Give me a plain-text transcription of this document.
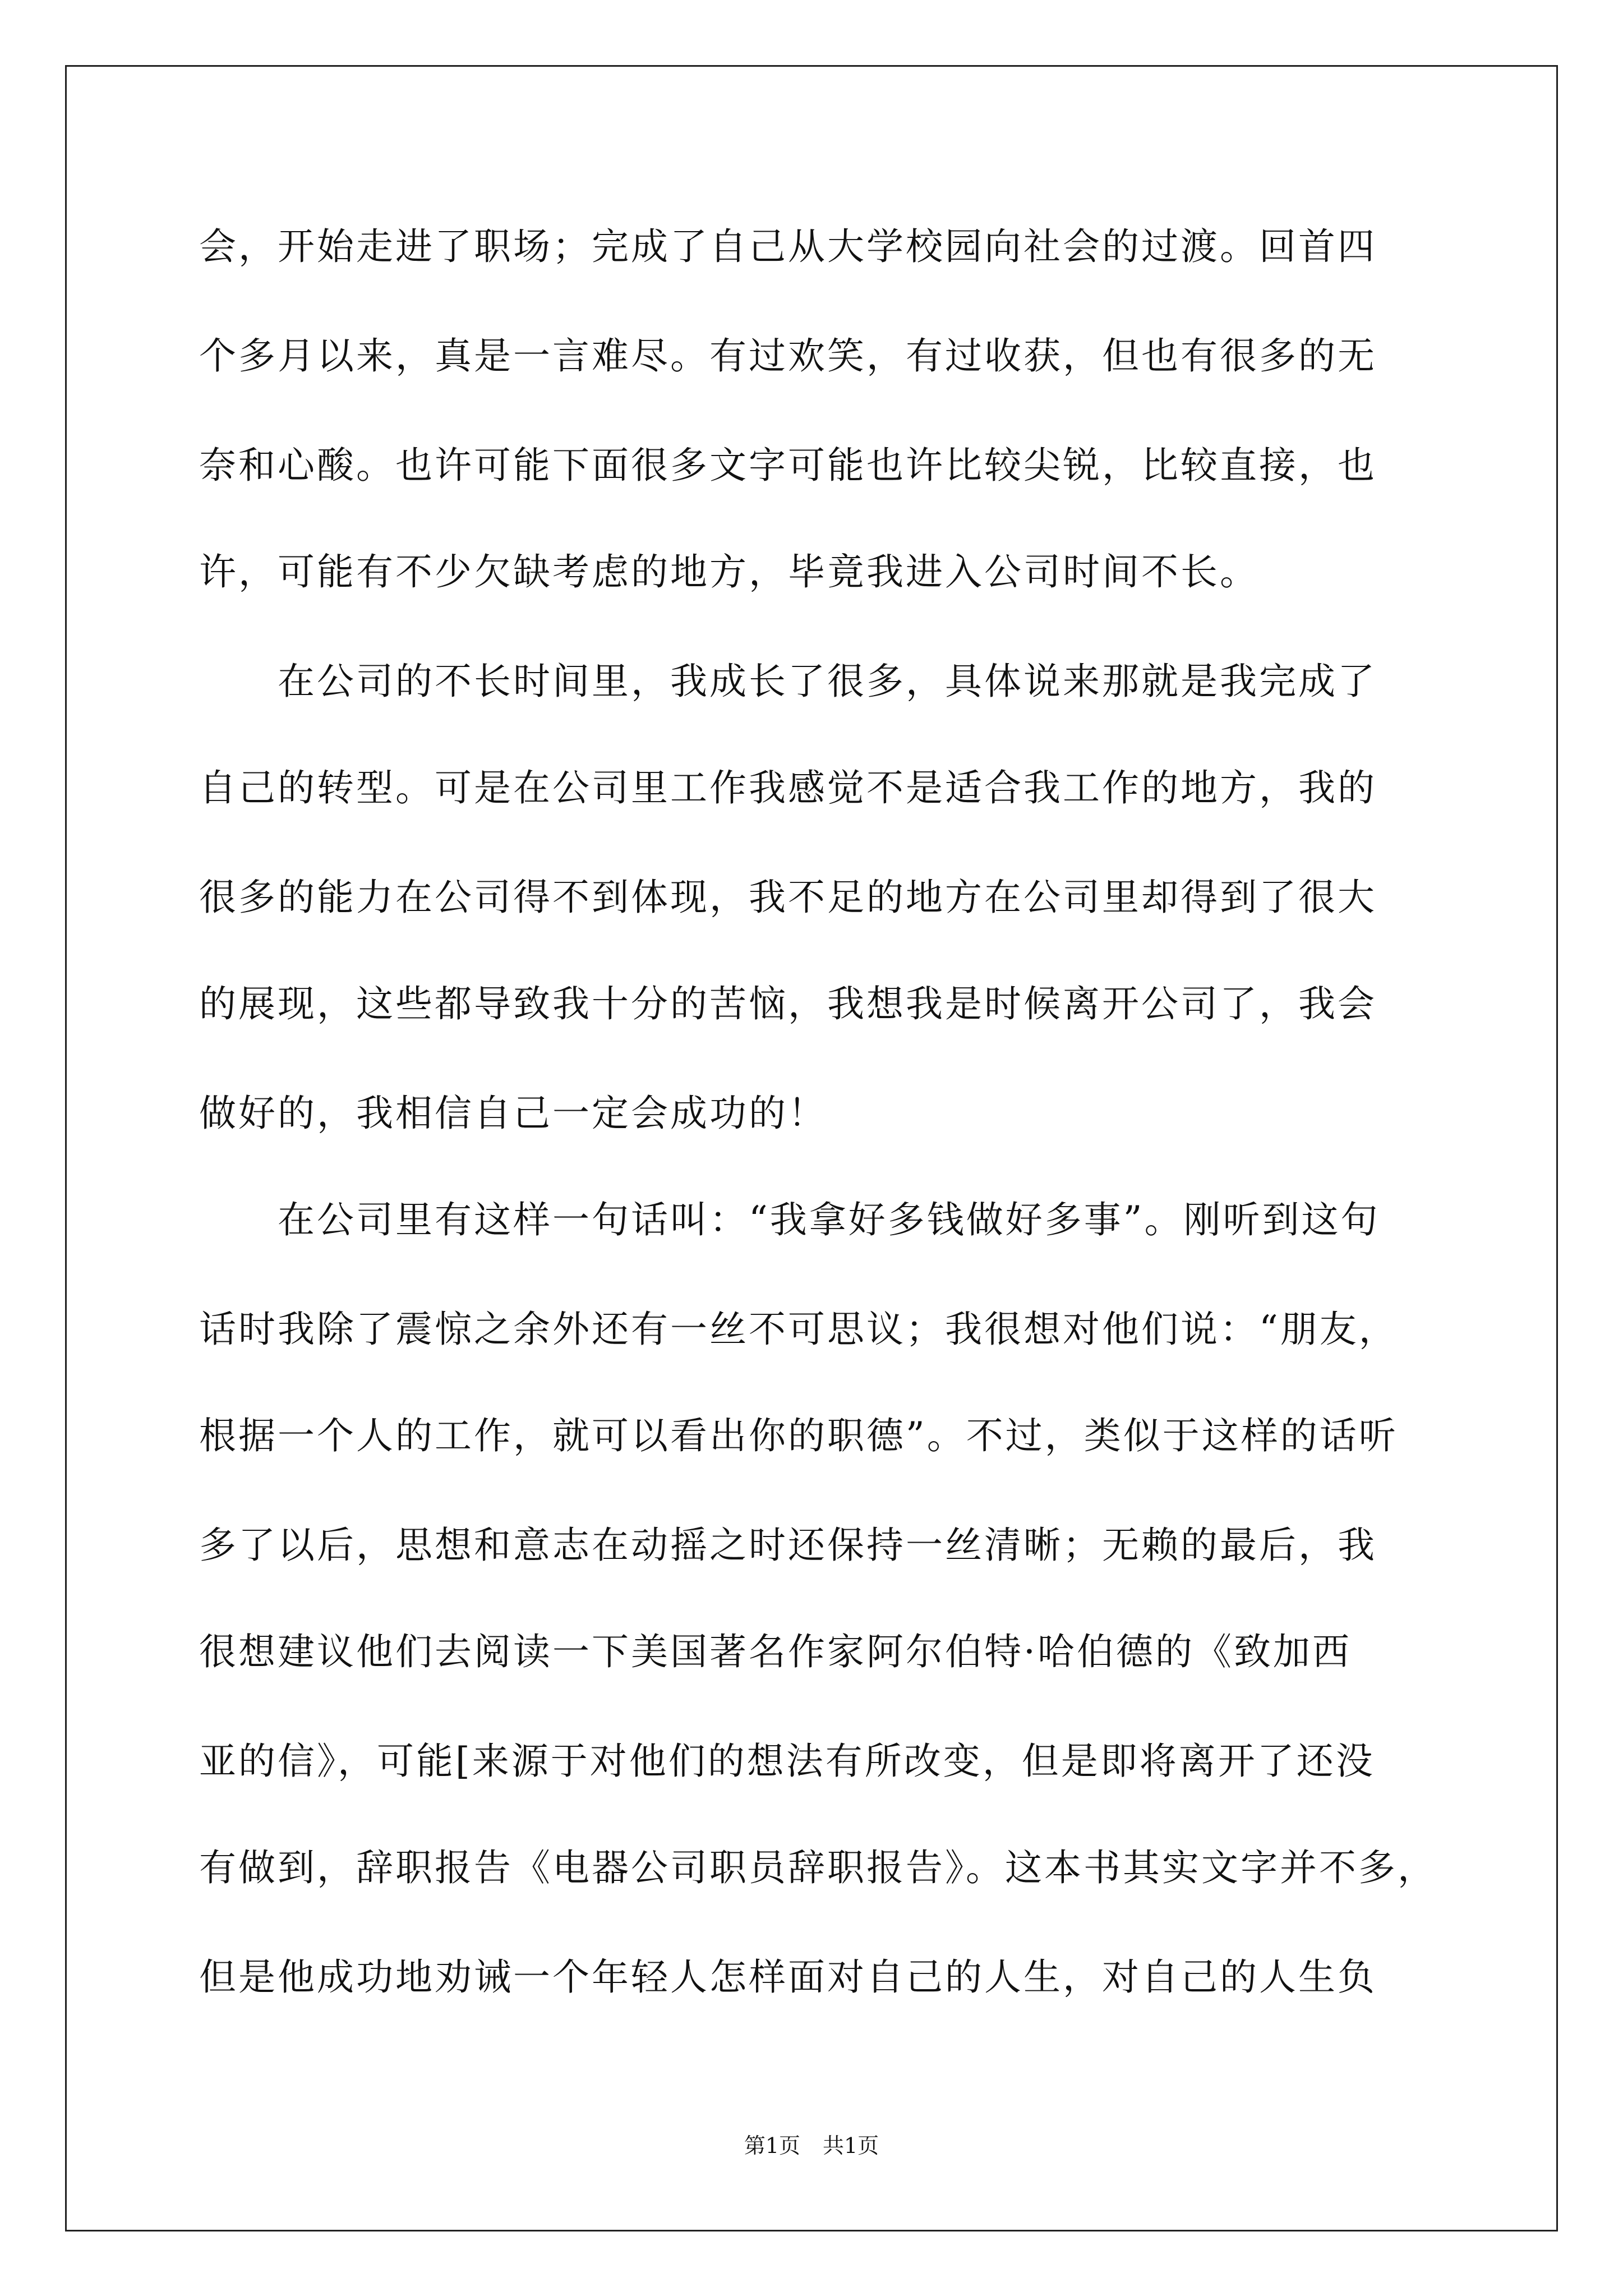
会，开始走进了职场；完成了自己从大学校园向社会的过渡。回首四

个多月以来，真是一言难尽。有过欢笑，有过收获，但也有很多的无

奈和心酸。也许可能下面很多文字可能也许比较尖锐，比较直接，也

许，可能有不少欠缺考虑的地方，毕竟我进入公司时间不长。

　　在公司的不长时间里，我成长了很多，具体说来那就是我完成了

自己的转型。可是在公司里工作我感觉不是适合我工作的地方，我的

很多的能力在公司得不到体现，我不足的地方在公司里却得到了很大

的展现，这些都导致我十分的苦恼，我想我是时候离开公司了，我会

做好的，我相信自己一定会成功的！

　　在公司里有这样一句话叫：“我拿好多钱做好多事”。刚听到这句

话时我除了震惊之余外还有一丝不可思议；我很想对他们说：“朋友，

根据一个人的工作，就可以看出你的职德”。不过，类似于这样的话听

多了以后，思想和意志在动摇之时还保持一丝清晰；无赖的最后，我

很想建议他们去阅读一下美国著名作家阿尔伯特·哈伯德的《致加西

亚的信》，可能[来源于对他们的想法有所改变，但是即将离开了还没

有做到，辞职报告《电器公司职员辞职报告》。这本书其实文字并不多，

但是他成功地劝诫一个年轻人怎样面对自己的人生，对自己的人生负

第1页 共1页
